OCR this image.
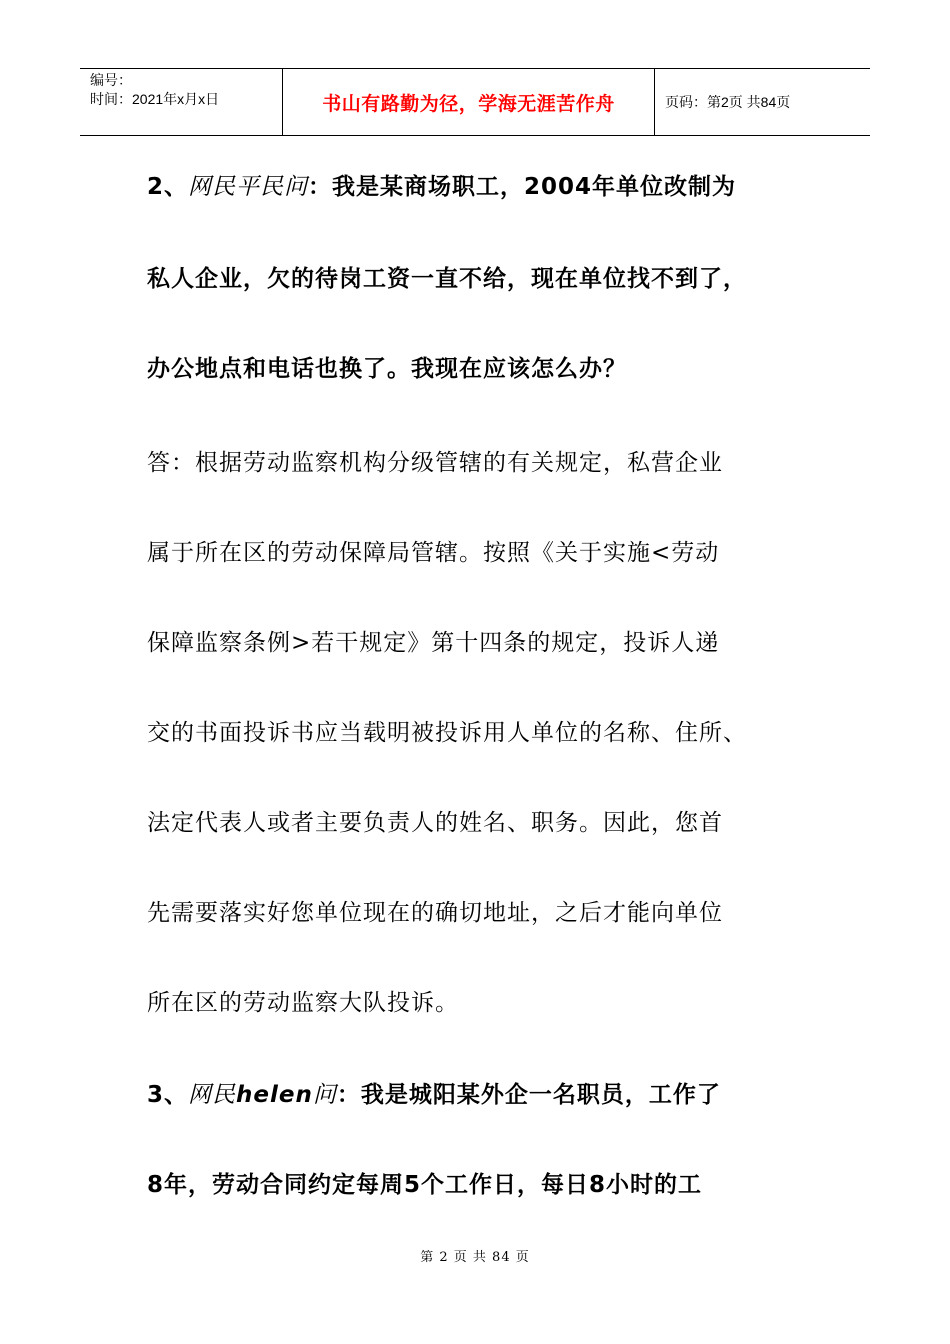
编号：
时间：2021年x月x日	书山有路勤为径，学海无涯苦作舟	页码：第2页 共84页
2、网民平民问：我是某商场职工，2004年单位改制为
私人企业，欠的待岗工资一直不给，现在单位找不到了，
办公地点和电话也换了。我现在应该怎么办？
答：根据劳动监察机构分级管辖的有关规定，私营企业
属于所在区的劳动保障局管辖。按照《关于实施<劳动
保障监察条例>若干规定》第十四条的规定，投诉人递
交的书面投诉书应当载明被投诉用人单位的名称、住所、
法定代表人或者主要负责人的姓名、职务。因此，您首
先需要落实好您单位现在的确切地址，之后才能向单位
所在区的劳动监察大队投诉。
3、网民helen问：我是城阳某外企一名职员，工作了
8年，劳动合同约定每周5个工作日，每日8小时的工
第 2 页 共 84 页
